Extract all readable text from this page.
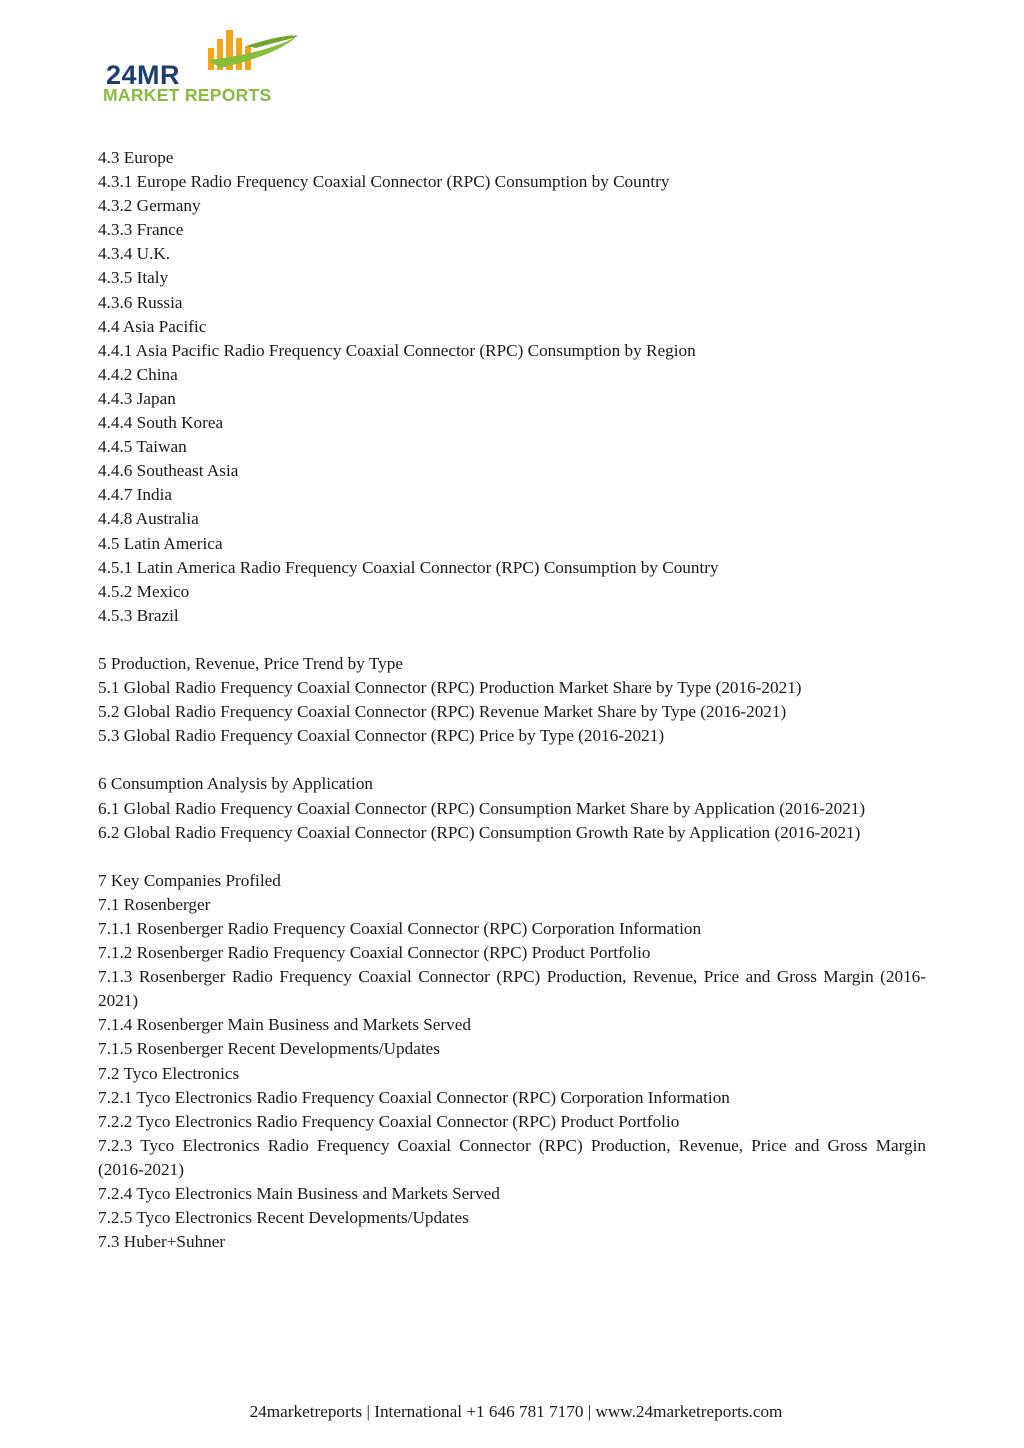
24MR
MARKET REPORTS
4.3 Europe
4.3.1 Europe Radio Frequency Coaxial Connector (RPC) Consumption by Country
4.3.2 Germany
4.3.3 France
4.3.4 U.K.
4.3.5 Italy
4.3.6 Russia
4.4 Asia Pacific
4.4.1 Asia Pacific Radio Frequency Coaxial Connector (RPC) Consumption by Region
4.4.2 China
4.4.3 Japan
4.4.4 South Korea
4.4.5 Taiwan
4.4.6 Southeast Asia
4.4.7 India
4.4.8 Australia
4.5 Latin America
4.5.1 Latin America Radio Frequency Coaxial Connector (RPC) Consumption by Country
4.5.2 Mexico
4.5.3 Brazil
5 Production, Revenue, Price Trend by Type
5.1 Global Radio Frequency Coaxial Connector (RPC) Production Market Share by Type (2016-2021)
5.2 Global Radio Frequency Coaxial Connector (RPC) Revenue Market Share by Type (2016-2021)
5.3 Global Radio Frequency Coaxial Connector (RPC) Price by Type (2016-2021)
6 Consumption Analysis by Application
6.1 Global Radio Frequency Coaxial Connector (RPC) Consumption Market Share by Application (2016-2021)
6.2 Global Radio Frequency Coaxial Connector (RPC) Consumption Growth Rate by Application (2016-2021)
7 Key Companies Profiled
7.1 Rosenberger
7.1.1 Rosenberger Radio Frequency Coaxial Connector (RPC) Corporation Information
7.1.2 Rosenberger Radio Frequency Coaxial Connector (RPC) Product Portfolio
7.1.3 Rosenberger Radio Frequency Coaxial Connector (RPC) Production, Revenue, Price and Gross Margin (2016-2021)
7.1.4 Rosenberger Main Business and Markets Served
7.1.5 Rosenberger Recent Developments/Updates
7.2 Tyco Electronics
7.2.1 Tyco Electronics Radio Frequency Coaxial Connector (RPC) Corporation Information
7.2.2 Tyco Electronics Radio Frequency Coaxial Connector (RPC) Product Portfolio
7.2.3 Tyco Electronics Radio Frequency Coaxial Connector (RPC) Production, Revenue, Price and Gross Margin (2016-2021)
7.2.4 Tyco Electronics Main Business and Markets Served
7.2.5 Tyco Electronics Recent Developments/Updates
7.3 Huber+Suhner
24marketreports | International +1 646 781 7170 | www.24marketreports.com
